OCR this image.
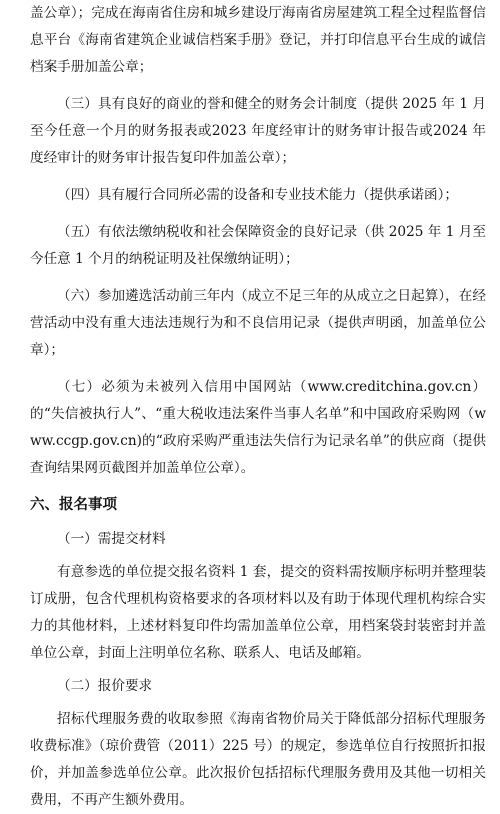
盖公章）；完成在海南省住房和城乡建设厅海南省房屋建筑工程全过程监督信息平台《海南省建筑企业诚信档案手册》登记，并打印信息平台生成的诚信档案手册加盖公章；

（三）具有良好的商业的誉和健全的财务会计制度（提供 2025 年 1 月至今任意一个月的财务报表或2023 年度经审计的财务审计报告或2024 年度经审计的财务审计报告复印件加盖公章）；

（四）具有履行合同所必需的设备和专业技术能力（提供承诺函）；

（五）有依法缴纳税收和社会保障资金的良好记录（供 2025 年 1 月至今任意 1 个月的纳税证明及社保缴纳证明）；

（六）参加遴选活动前三年内（成立不足三年的从成立之日起算），在经营活动中没有重大违法违规行为和不良信用记录（提供声明函，加盖单位公章）；

（七）必须为未被列入信用中国网站（www.creditchina.gov.cn）的“失信被执行人”、“重大税收违法案件当事人名单”和中国政府采购网（www.ccgp.gov.cn)的“政府采购严重违法失信行为记录名单”的供应商（提供查询结果网页截图并加盖单位公章）。

六、报名事项

（一）需提交材料

有意参选的单位提交报名资料 1 套，提交的资料需按顺序标明并整理装订成册，包含代理机构资格要求的各项材料以及有助于体现代理机构综合实力的其他材料，上述材料复印件均需加盖单位公章，用档案袋封装密封并盖单位公章，封面上注明单位名称、联系人、电话及邮箱。

（二）报价要求

招标代理服务费的收取参照《海南省物价局关于降低部分招标代理服务收费标准》（琼价费管（2011）225 号）的规定，参选单位自行按照折扣报价，并加盖参选单位公章。此次报价包括招标代理服务费用及其他一切相关费用，不再产生额外费用。
